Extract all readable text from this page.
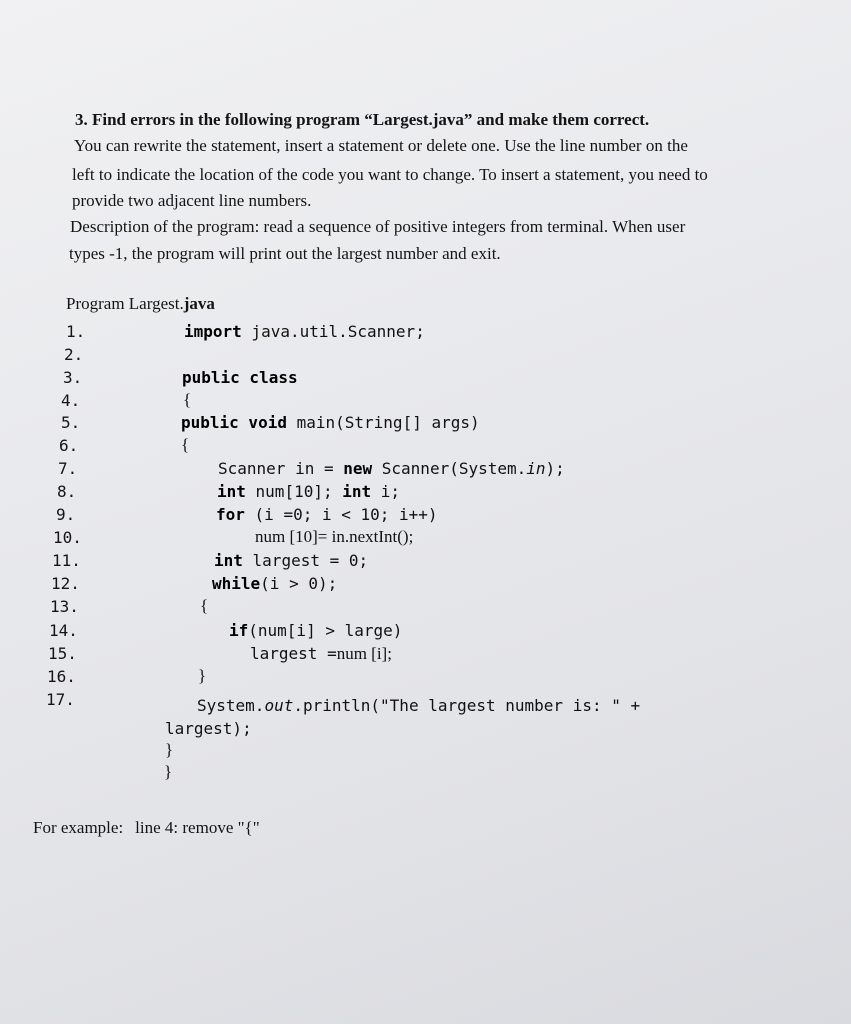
3. Find errors in the following program “Largest.java” and make them correct.
You can rewrite the statement, insert a statement or delete one. Use the line number on the
left to indicate the location of the code you want to change. To insert a statement, you need to
provide two adjacent line numbers.
Description of the program: read a sequence of positive integers from terminal. When user
types -1, the program will print out the largest number and exit.
Program Largest.java
1.
2.
3.
4.
5.
6.
7.
8.
9.
10.
11.
12.
13.
14.
15.
16.
17.
import java.util.Scanner;
public class
{
public void main(String[] args)
{
Scanner in = new Scanner(System.in);
int num[10]; int i;
for (i =0; i < 10; i++)
num [10]= in.nextInt();
int largest = 0;
while(i > 0);
{
if(num[i] > large)
largest =num [i];
}
System.out.println("The largest number is: " +
largest);
}
}
For example: line 4: remove "{"
